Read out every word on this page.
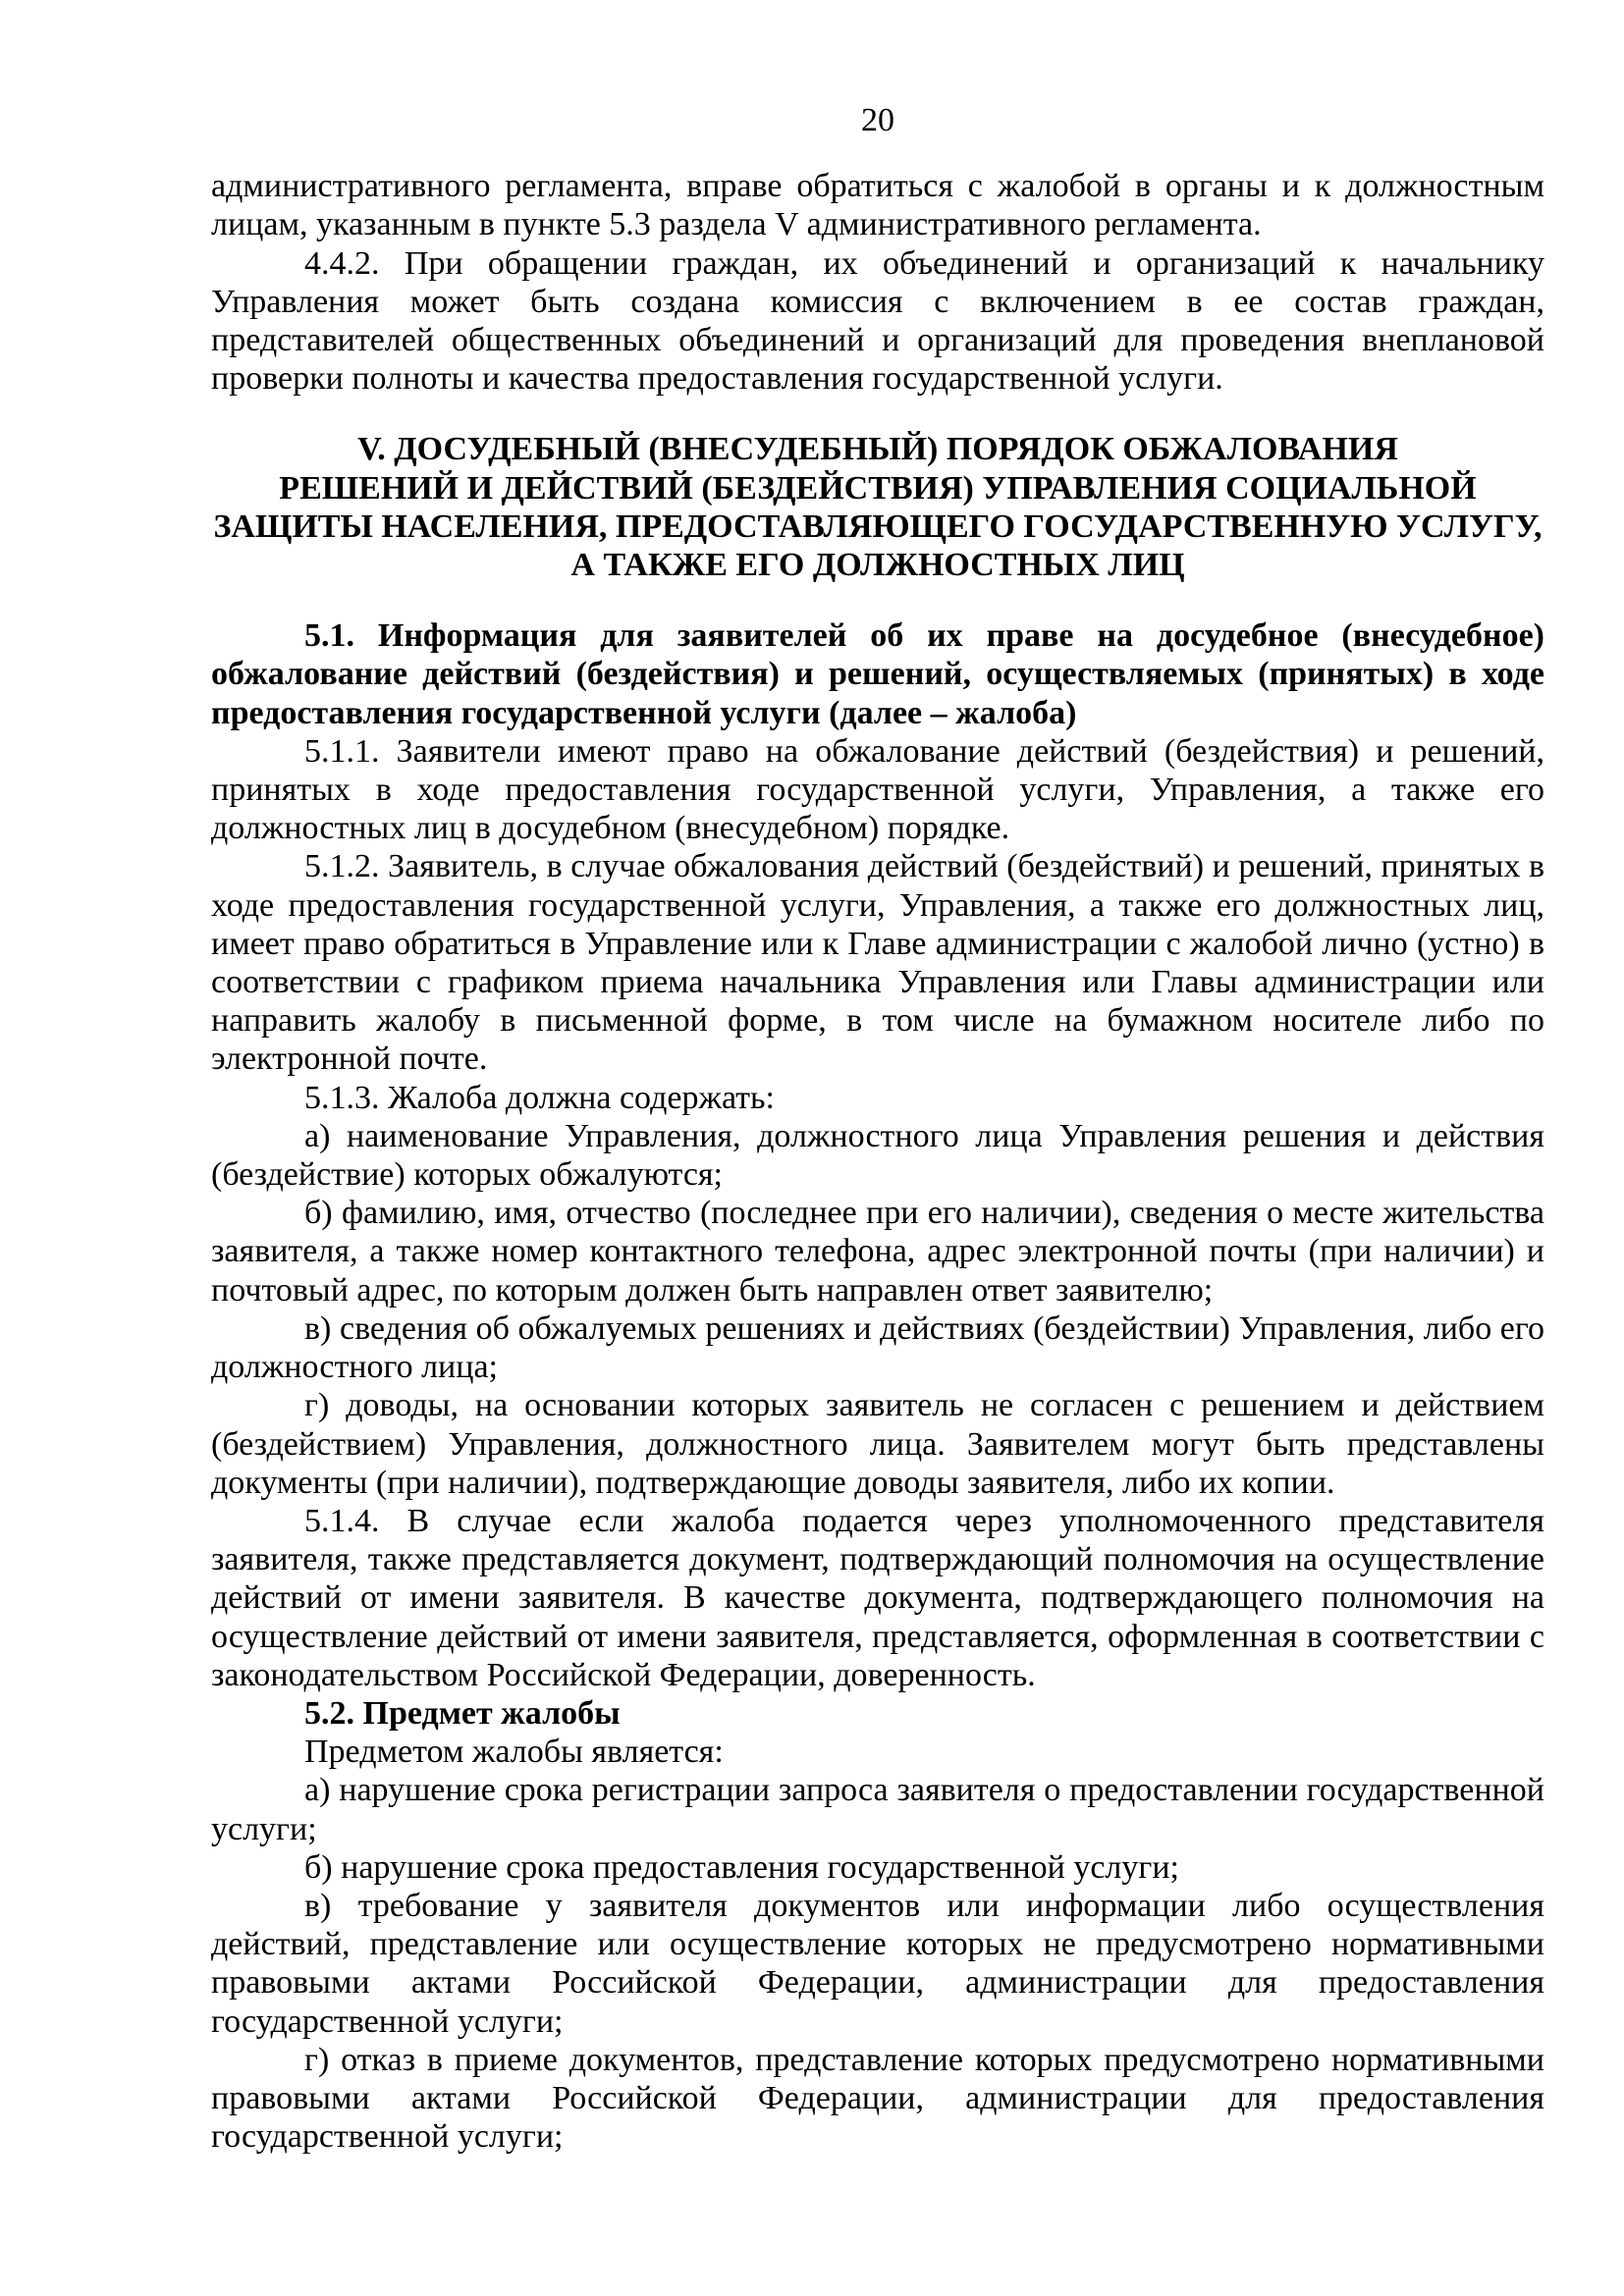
20

административного регламента, вправе обратиться с жалобой в органы и к должностным лицам, указанным в пункте 5.3 раздела V административного регламента.

4.4.2. При обращении граждан, их объединений и организаций к начальнику Управления может быть создана комиссия с включением в ее состав граждан, представителей общественных объединений и организаций для проведения внеплановой проверки полноты и качества предоставления государственной услуги.

V. ДОСУДЕБНЫЙ (ВНЕСУДЕБНЫЙ) ПОРЯДОК ОБЖАЛОВАНИЯ
РЕШЕНИЙ И ДЕЙСТВИЙ (БЕЗДЕЙСТВИЯ) УПРАВЛЕНИЯ СОЦИАЛЬНОЙ
ЗАЩИТЫ НАСЕЛЕНИЯ, ПРЕДОСТАВЛЯЮЩЕГО ГОСУДАРСТВЕННУЮ УСЛУГУ,
А ТАКЖЕ ЕГО ДОЛЖНОСТНЫХ ЛИЦ

5.1. Информация для заявителей об их праве на досудебное (внесудебное) обжалование действий (бездействия) и решений, осуществляемых (принятых) в ходе предоставления государственной услуги (далее – жалоба)

5.1.1. Заявители имеют право на обжалование действий (бездействия) и решений, принятых в ходе предоставления государственной услуги, Управления, а также его должностных лиц в досудебном (внесудебном) порядке.

5.1.2. Заявитель, в случае обжалования действий (бездействий) и решений, принятых в ходе предоставления государственной услуги, Управления, а также его должностных лиц, имеет право обратиться в Управление или к Главе администрации с жалобой лично (устно) в соответствии с графиком приема начальника Управления или Главы администрации или направить жалобу в письменной форме, в том числе на бумажном носителе либо по электронной почте.

5.1.3. Жалоба должна содержать:

а) наименование Управления, должностного лица Управления решения и действия (бездействие) которых обжалуются;

б) фамилию, имя, отчество (последнее при его наличии), сведения о месте жительства заявителя, а также номер контактного телефона, адрес электронной почты (при наличии) и почтовый адрес, по которым должен быть направлен ответ заявителю;

в) сведения об обжалуемых решениях и действиях (бездействии) Управления, либо его должностного лица;

г) доводы, на основании которых заявитель не согласен с решением и действием (бездействием) Управления, должностного лица. Заявителем могут быть представлены документы (при наличии), подтверждающие доводы заявителя, либо их копии.

5.1.4. В случае если жалоба подается через уполномоченного представителя заявителя, также представляется документ, подтверждающий полномочия на осуществление действий от имени заявителя. В качестве документа, подтверждающего полномочия на осуществление действий от имени заявителя, представляется, оформленная в соответствии с законодательством Российской Федерации, доверенность.

5.2. Предмет жалобы

Предметом жалобы является:

а) нарушение срока регистрации запроса заявителя о предоставлении государственной услуги;

б) нарушение срока предоставления государственной услуги;

в) требование у заявителя документов или информации либо осуществления действий, представление или осуществление которых не предусмотрено нормативными правовыми актами Российской Федерации, администрации для предоставления государственной услуги;

г) отказ в приеме документов, представление которых предусмотрено нормативными правовыми актами Российской Федерации, администрации для предоставления государственной услуги;
